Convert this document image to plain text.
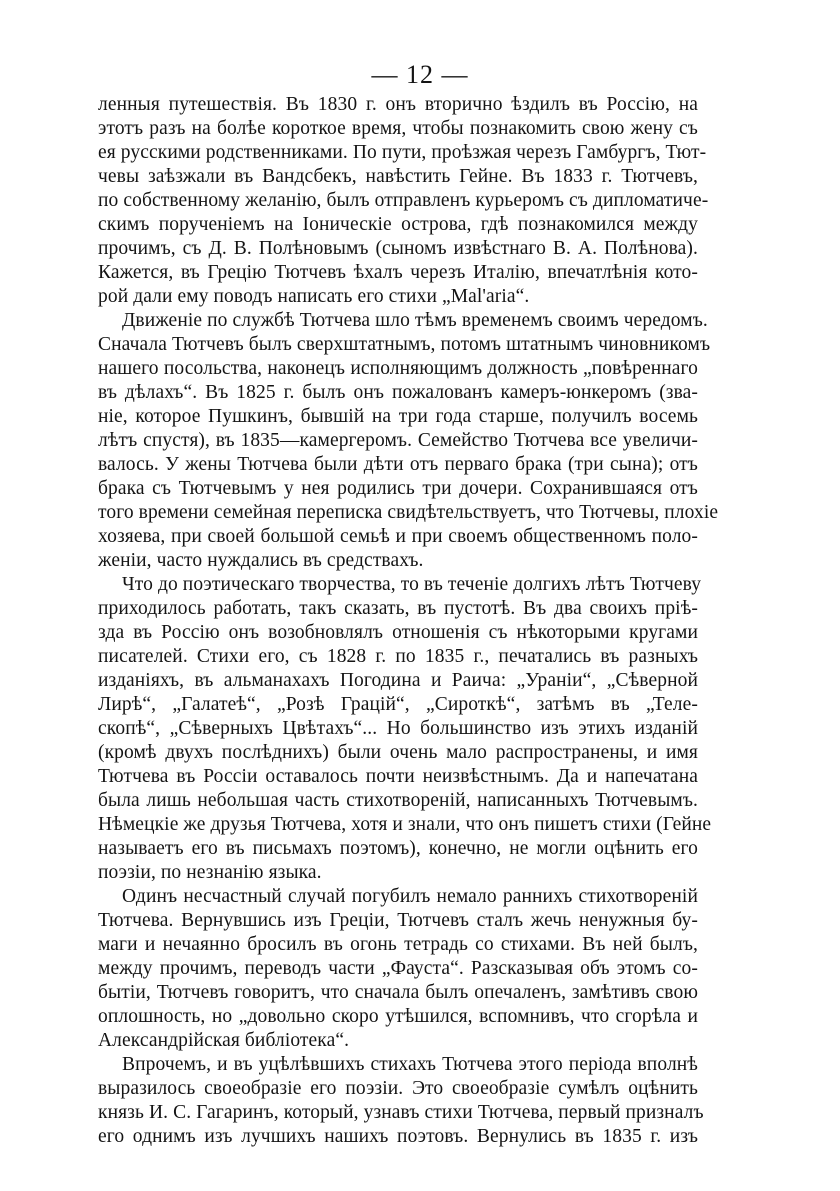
— 12 —
ленныя путешествія. Въ 1830 г. онъ вторично ѣздилъ въ Россію, на
этотъ разъ на болѣе короткое время, чтобы познакомить свою жену съ
ея русскими родственниками. По пути, проѣзжая черезъ Гамбургъ, Тют-
чевы заѣзжали въ Вандсбекъ, навѣстить Гейне. Въ 1833 г. Тютчевъ,
по собственному желанію, былъ отправленъ курьеромъ съ дипломатиче-
скимъ порученіемъ на Іоническіе острова, гдѣ познакомился между
прочимъ, съ Д. В. Полѣновымъ (сыномъ извѣстнаго В. А. Полѣнова).
Кажется, въ Грецію Тютчевъ ѣхалъ черезъ Италію, впечатлѣнія кото-
рой дали ему поводъ написать его стихи „Mal'aria“.
Движеніе по службѣ Тютчева шло тѣмъ временемъ своимъ чередомъ.
Сначала Тютчевъ былъ сверхштатнымъ, потомъ штатнымъ чиновникомъ
нашего посольства, наконецъ исполняющимъ должность „повѣреннаго
въ дѣлахъ“. Въ 1825 г. былъ онъ пожалованъ камеръ-юнкеромъ (зва-
ніе, которое Пушкинъ, бывшій на три года старше, получилъ восемь
лѣтъ спустя), въ 1835—камергеромъ. Семейство Тютчева все увеличи-
валось. У жены Тютчева были дѣти отъ перваго брака (три сына); отъ
брака съ Тютчевымъ у нея родились три дочери. Сохранившаяся отъ
того времени семейная переписка свидѣтельствуетъ, что Тютчевы, плохіе
хозяева, при своей большой семьѣ и при своемъ общественномъ поло-
женіи, часто нуждались въ средствахъ.
Что до поэтическаго творчества, то въ теченіе долгихъ лѣтъ Тютчеву
приходилось работать, такъ сказать, въ пустотѣ. Въ два своихъ пріѣ-
зда въ Россію онъ возобновлялъ отношенія съ нѣкоторыми кругами
писателей. Стихи его, съ 1828 г. по 1835 г., печатались въ разныхъ
изданіяхъ, въ альманахахъ Погодина и Раича: „Ураніи“, „Сѣверной
Лирѣ“, „Галатеѣ“, „Розѣ Грацій“, „Сироткѣ“, затѣмъ въ „Теле-
скопѣ“, „Сѣверныхъ Цвѣтахъ“... Но большинство изъ этихъ изданій
(кромѣ двухъ послѣднихъ) были очень мало распространены, и имя
Тютчева въ Россіи оставалось почти неизвѣстнымъ. Да и напечатана
была лишь небольшая часть стихотвореній, написанныхъ Тютчевымъ.
Нѣмецкіе же друзья Тютчева, хотя и знали, что онъ пишетъ стихи (Гейне
называетъ его въ письмахъ поэтомъ), конечно, не могли оцѣнить его
поэзіи, по незнанію языка.
Одинъ несчастный случай погубилъ немало раннихъ стихотвореній
Тютчева. Вернувшись изъ Греціи, Тютчевъ сталъ жечь ненужныя бу-
маги и нечаянно бросилъ въ огонь тетрадь со стихами. Въ ней былъ,
между прочимъ, переводъ части „Фауста“. Разсказывая объ этомъ со-
бытіи, Тютчевъ говоритъ, что сначала былъ опечаленъ, замѣтивъ свою
оплошность, но „довольно скоро утѣшился, вспомнивъ, что сгорѣла и
Александрійская библіотека“.
Впрочемъ, и въ уцѣлѣвшихъ стихахъ Тютчева этого періода вполнѣ
выразилось своеобразіе его поэзіи. Это своеобразіе сумѣлъ оцѣнить
князь И. С. Гагаринъ, который, узнавъ стихи Тютчева, первый призналъ
его однимъ изъ лучшихъ нашихъ поэтовъ. Вернулись въ 1835 г. изъ
